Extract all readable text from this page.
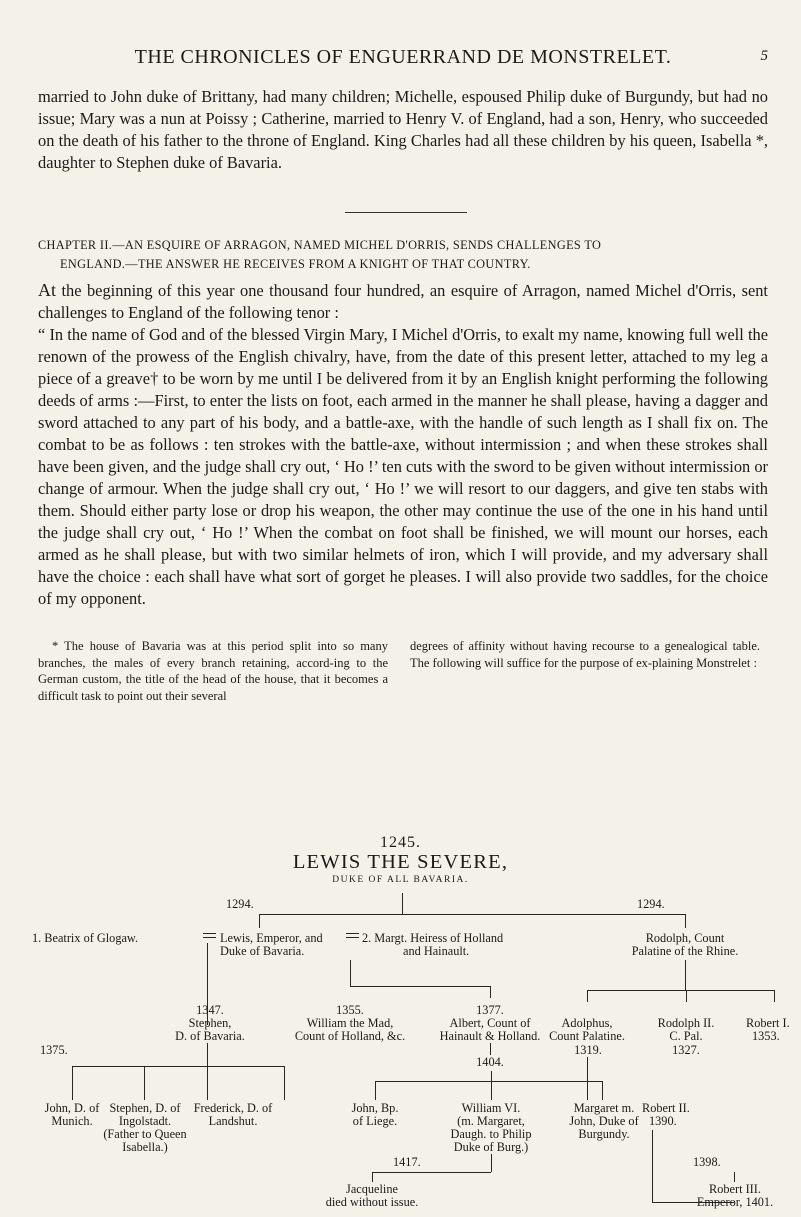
THE CHRONICLES OF ENGUERRAND DE MONSTRELET.	5

married to John duke of Brittany, had many children; Michelle, espoused Philip duke of Burgundy, but had no issue; Mary was a nun at Poissy ; Catherine, married to Henry V. of England, had a son, Henry, who succeeded on the death of his father to the throne of England. King Charles had all these children by his queen, Isabella *, daughter to Stephen duke of Bavaria.

CHAPTER II.—AN ESQUIRE OF ARRAGON, NAMED MICHEL D'ORRIS, SENDS CHALLENGES TO
ENGLAND.—THE ANSWER HE RECEIVES FROM A KNIGHT OF THAT COUNTRY.

At the beginning of this year one thousand four hundred, an esquire of Arragon, named Michel d'Orris, sent challenges to England of the following tenor :
“ In the name of God and of the blessed Virgin Mary, I Michel d'Orris, to exalt my name, knowing full well the renown of the prowess of the English chivalry, have, from the date of this present letter, attached to my leg a piece of a greave† to be worn by me until I be delivered from it by an English knight performing the following deeds of arms :—First, to enter the lists on foot, each armed in the manner he shall please, having a dagger and sword attached to any part of his body, and a battle-axe, with the handle of such length as I shall fix on. The combat to be as follows : ten strokes with the battle-axe, without intermission ; and when these strokes shall have been given, and the judge shall cry out, ‘ Ho !’ ten cuts with the sword to be given without intermission or change of armour. When the judge shall cry out, ‘ Ho !’ we will resort to our daggers, and give ten stabs with them. Should either party lose or drop his weapon, the other may continue the use of the one in his hand until the judge shall cry out, ‘ Ho !’ When the combat on foot shall be finished, we will mount our horses, each armed as he shall please, but with two similar helmets of iron, which I will provide, and my adversary shall have the choice : each shall have what sort of gorget he pleases. I will also provide two saddles, for the choice of my opponent.
* The house of Bavaria was at this period split into so many branches, the males of every branch retaining, accord-ing to the German custom, the title of the head of the house, that it becomes a difficult task to point out their several
degrees of affinity without having recourse to a genealogical table. The following will suffice for the purpose of ex-plaining Monstrelet :
1245.
LEWIS THE SEVERE,
DUKE OF ALL BAVARIA.
1294.	1294.
1. Beatrix of Glogaw.	Lewis, Emperor, and
Duke of Bavaria.
2. Margt. Heiress of Holland
and Hainault.
Rodolph, Count
Palatine of the Rhine.
1347.
Stephen,
D. of Bavaria.
1355.
William the Mad,
Count of Holland, &c.
1377.
Albert, Count of
Hainault & Holland.
Adolphus,
Count Palatine.
1319.
Rodolph II.
C. Pal.
1327.
Robert I.
1353.
1375.
1404.
John, D. of
Munich.
Stephen, D. of
Ingolstadt.
(Father to Queen
Isabella.)
Frederick, D. of
Landshut.
John, Bp.
of Liege.
William VI.
(m. Margaret,
Daugh. to Philip
Duke of Burg.)
Margaret m.
John, Duke of
Burgundy.
Robert II.
1390.
1417.	1398.
Jacqueline
died without issue.
Robert III.
Emperor, 1401.
